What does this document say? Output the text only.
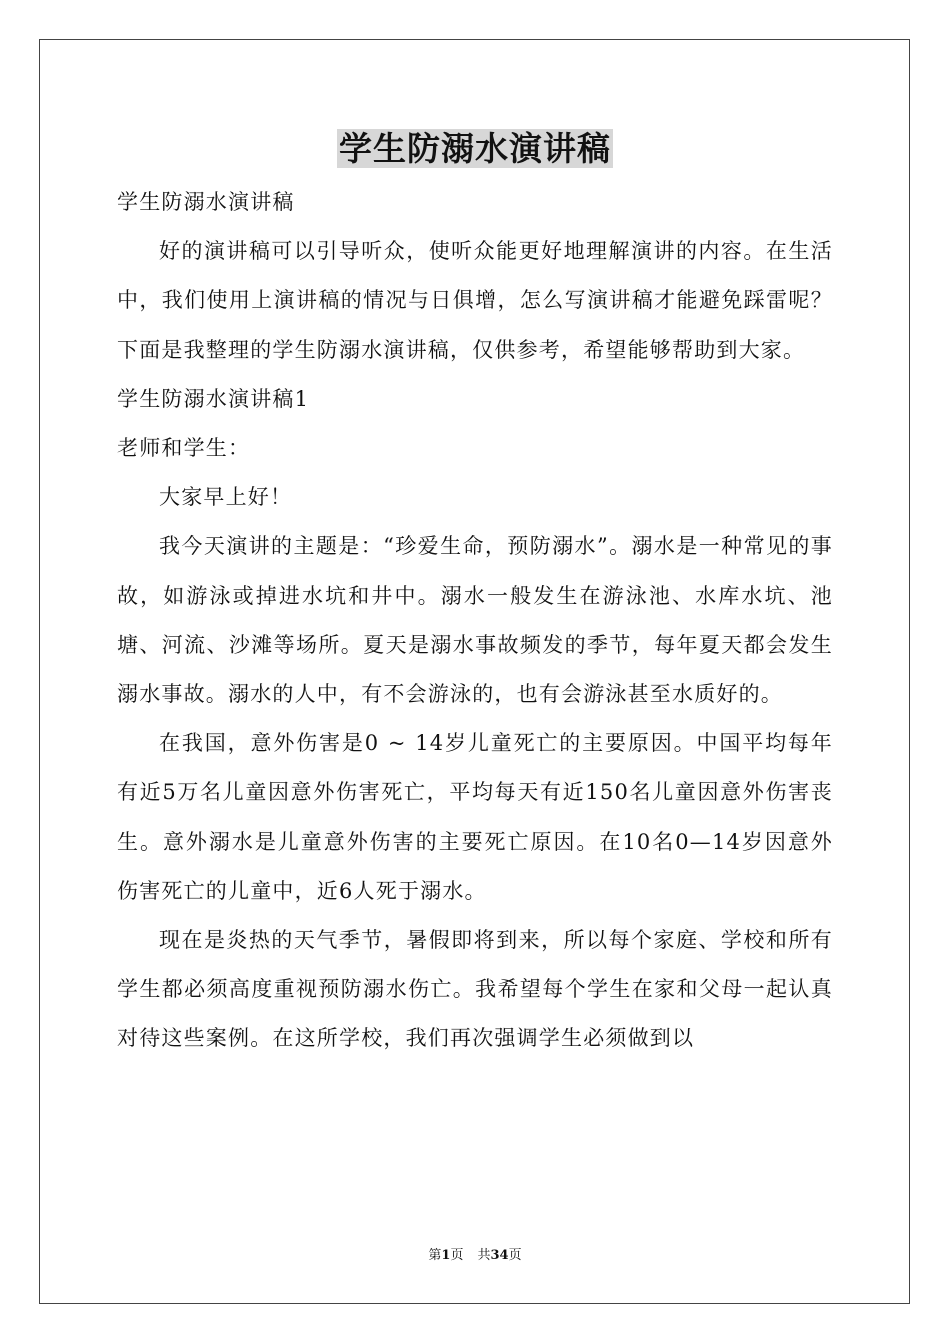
学生防溺水演讲稿

学生防溺水演讲稿

好的演讲稿可以引导听众，使听众能更好地理解演讲的内容。在生活中，我们使用上演讲稿的情况与日俱增，怎么写演讲稿才能避免踩雷呢？下面是我整理的学生防溺水演讲稿，仅供参考，希望能够帮助到大家。

学生防溺水演讲稿1

老师和学生：

大家早上好！

我今天演讲的主题是：“珍爱生命，预防溺水”。溺水是一种常见的事故，如游泳或掉进水坑和井中。溺水一般发生在游泳池、水库水坑、池塘、河流、沙滩等场所。夏天是溺水事故频发的季节，每年夏天都会发生溺水事故。溺水的人中，有不会游泳的，也有会游泳甚至水质好的。

在我国，意外伤害是0 ~ 14岁儿童死亡的主要原因。中国平均每年有近5万名儿童因意外伤害死亡，平均每天有近150名儿童因意外伤害丧生。意外溺水是儿童意外伤害的主要死亡原因。在10名0—14岁因意外伤害死亡的儿童中，近6人死于溺水。

现在是炎热的天气季节，暑假即将到来，所以每个家庭、学校和所有学生都必须高度重视预防溺水伤亡。我希望每个学生在家和父母一起认真对待这些案例。在这所学校，我们再次强调学生必须做到以

第1页 共34页
